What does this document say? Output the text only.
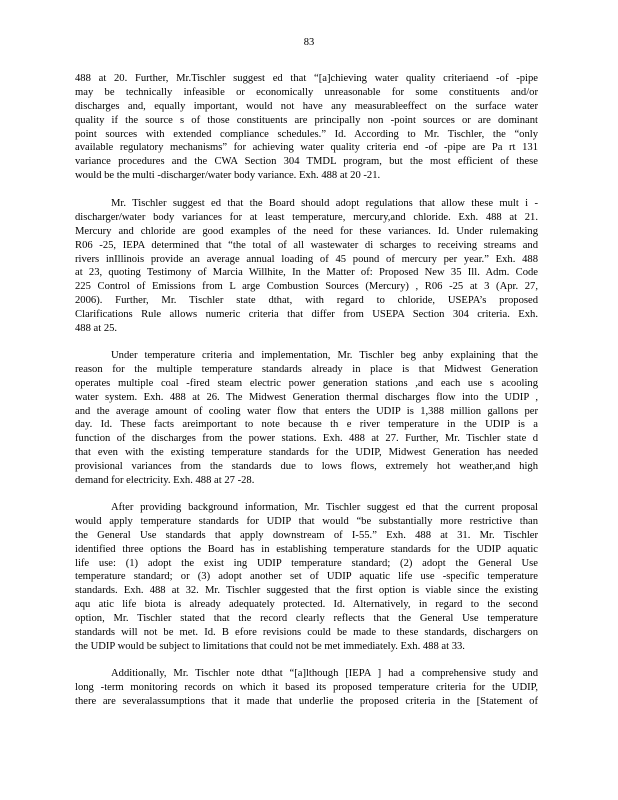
83
488 at 20. Further, Mr.Tischler suggest ed that “[a]chieving water quality criteriaend -of -pipe
may be technically infeasible or economically unreasonable for some constituents and/or
discharges and, equally important, would not have any measurableeffect on the surface water
quality if the source s of those constituents are principally non -point sources or are dominant
point sources with extended compliance schedules.” Id. According to Mr. Tischler, the “only
available regulatory mechanisms” for achieving water quality criteria end -of -pipe are Pa rt 131
variance procedures and the CWA Section 304 TMDL program, but the most efficient of these
would be the multi -discharger/water body variance. Exh. 488 at 20 -21.
Mr. Tischler suggest ed that the Board should adopt regulations that allow these mult i -
discharger/water body variances for at least temperature, mercury,and chloride. Exh. 488 at 21.
Mercury and chloride are good examples of the need for these variances. Id. Under rulemaking
R06 -25, IEPA determined that “the total of all wastewater di scharges to receiving streams and
rivers inIllinois provide an average annual loading of 45 pound of mercury per year.” Exh. 488
at 23, quoting Testimony of Marcia Willhite, In the Matter of: Proposed New 35 Ill. Adm. Code
225 Control of Emissions from L arge Combustion Sources (Mercury) , R06 -25 at 3 (Apr. 27,
2006). Further, Mr. Tischler state dthat, with regard to chloride, USEPA’s proposed
Clarifications Rule allows numeric criteria that differ from USEPA Section 304 criteria. Exh.
488 at 25.
Under temperature criteria and implementation, Mr. Tischler beg anby explaining that the
reason for the multiple temperature standards already in place is that Midwest Generation
operates multiple coal -fired steam electric power generation stations ,and each use s acooling
water system. Exh. 488 at 26. The Midwest Generation thermal discharges flow into the UDIP ,
and the average amount of cooling water flow that enters the UDIP is 1,388 million gallons per
day. Id. These facts areimportant to note because th e river temperature in the UDIP is a
function of the discharges from the power stations. Exh. 488 at 27. Further, Mr. Tischler state d
that even with the existing temperature standards for the UDIP, Midwest Generation has needed
provisional variances from the standards due to lows flows, extremely hot weather,and high
demand for electricity. Exh. 488 at 27 -28.
After providing background information, Mr. Tischler suggest ed that the current proposal
would apply temperature standards for UDIP that would “be substantially more restrictive than
the General Use standards that apply downstream of I-55.” Exh. 488 at 31. Mr. Tischler
identified three options the Board has in establishing temperature standards for the UDIP aquatic
life use: (1) adopt the exist ing UDIP temperature standard; (2) adopt the General Use
temperature standard; or (3) adopt another set of UDIP aquatic life use -specific temperature
standards. Exh. 488 at 32. Mr. Tischler suggested that the first option is viable since the existing
aqu atic life biota is already adequately protected. Id. Alternatively, in regard to the second
option, Mr. Tischler stated that the record clearly reflects that the General Use temperature
standards will not be met. Id. B efore revisions could be made to these standards, dischargers on
the UDIP would be subject to limitations that could not be met immediately. Exh. 488 at 33.
Additionally, Mr. Tischler note dthat “[a]lthough [IEPA ] had a comprehensive study and
long -term monitoring records on which it based its proposed temperature criteria for the UDIP,
there are severalassumptions that it made that underlie the proposed criteria in the [Statement of
